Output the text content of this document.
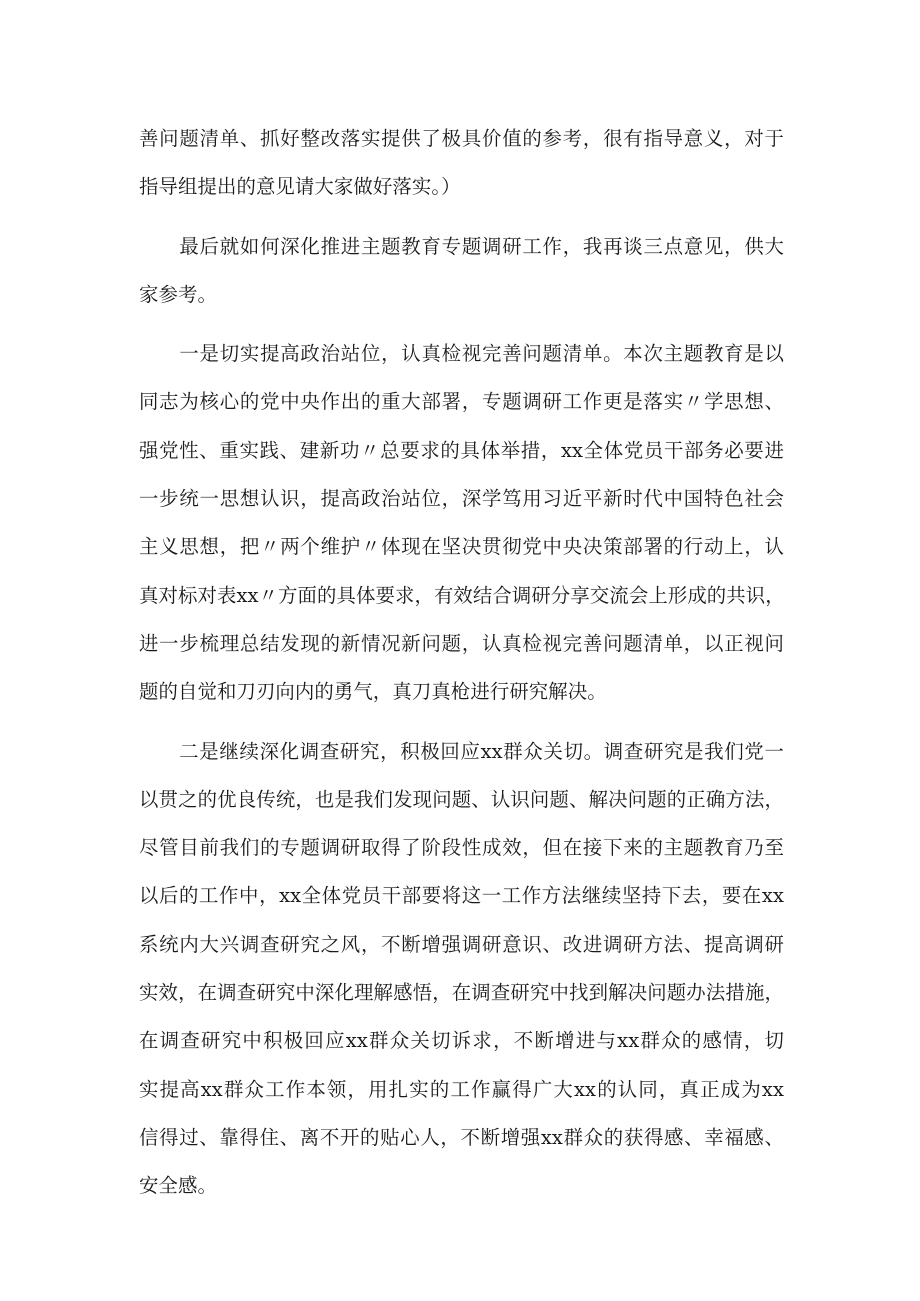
善问题清单、抓好整改落实提供了极具价值的参考，很有指导意义，对于
指导组提出的意见请大家做好落实。）

　　最后就如何深化推进主题教育专题调研工作，我再谈三点意见，供大
家参考。

　　一是切实提高政治站位，认真检视完善问题清单。本次主题教育是以
同志为核心的党中央作出的重大部署，专题调研工作更是落实〃学思想、
强党性、重实践、建新功〃总要求的具体举措，xx全体党员干部务必要进
一步统一思想认识，提高政治站位，深学笃用习近平新时代中国特色社会
主义思想，把〃两个维护〃体现在坚决贯彻党中央决策部署的行动上，认
真对标对表xx〃方面的具体要求，有效结合调研分享交流会上形成的共识，
进一步梳理总结发现的新情况新问题，认真检视完善问题清单，以正视问
题的自觉和刀刃向内的勇气，真刀真枪进行研究解决。

　　二是继续深化调查研究，积极回应xx群众关切。调查研究是我们党一
以贯之的优良传统，也是我们发现问题、认识问题、解决问题的正确方法，
尽管目前我们的专题调研取得了阶段性成效，但在接下来的主题教育乃至
以后的工作中，xx全体党员干部要将这一工作方法继续坚持下去，要在xx
系统内大兴调查研究之风，不断增强调研意识、改进调研方法、提高调研
实效，在调查研究中深化理解感悟，在调查研究中找到解决问题办法措施，
在调查研究中积极回应xx群众关切诉求，不断增进与xx群众的感情，切
实提高xx群众工作本领，用扎实的工作赢得广大xx的认同，真正成为xx
信得过、靠得住、离不开的贴心人，不断增强xx群众的获得感、幸福感、
安全感。
